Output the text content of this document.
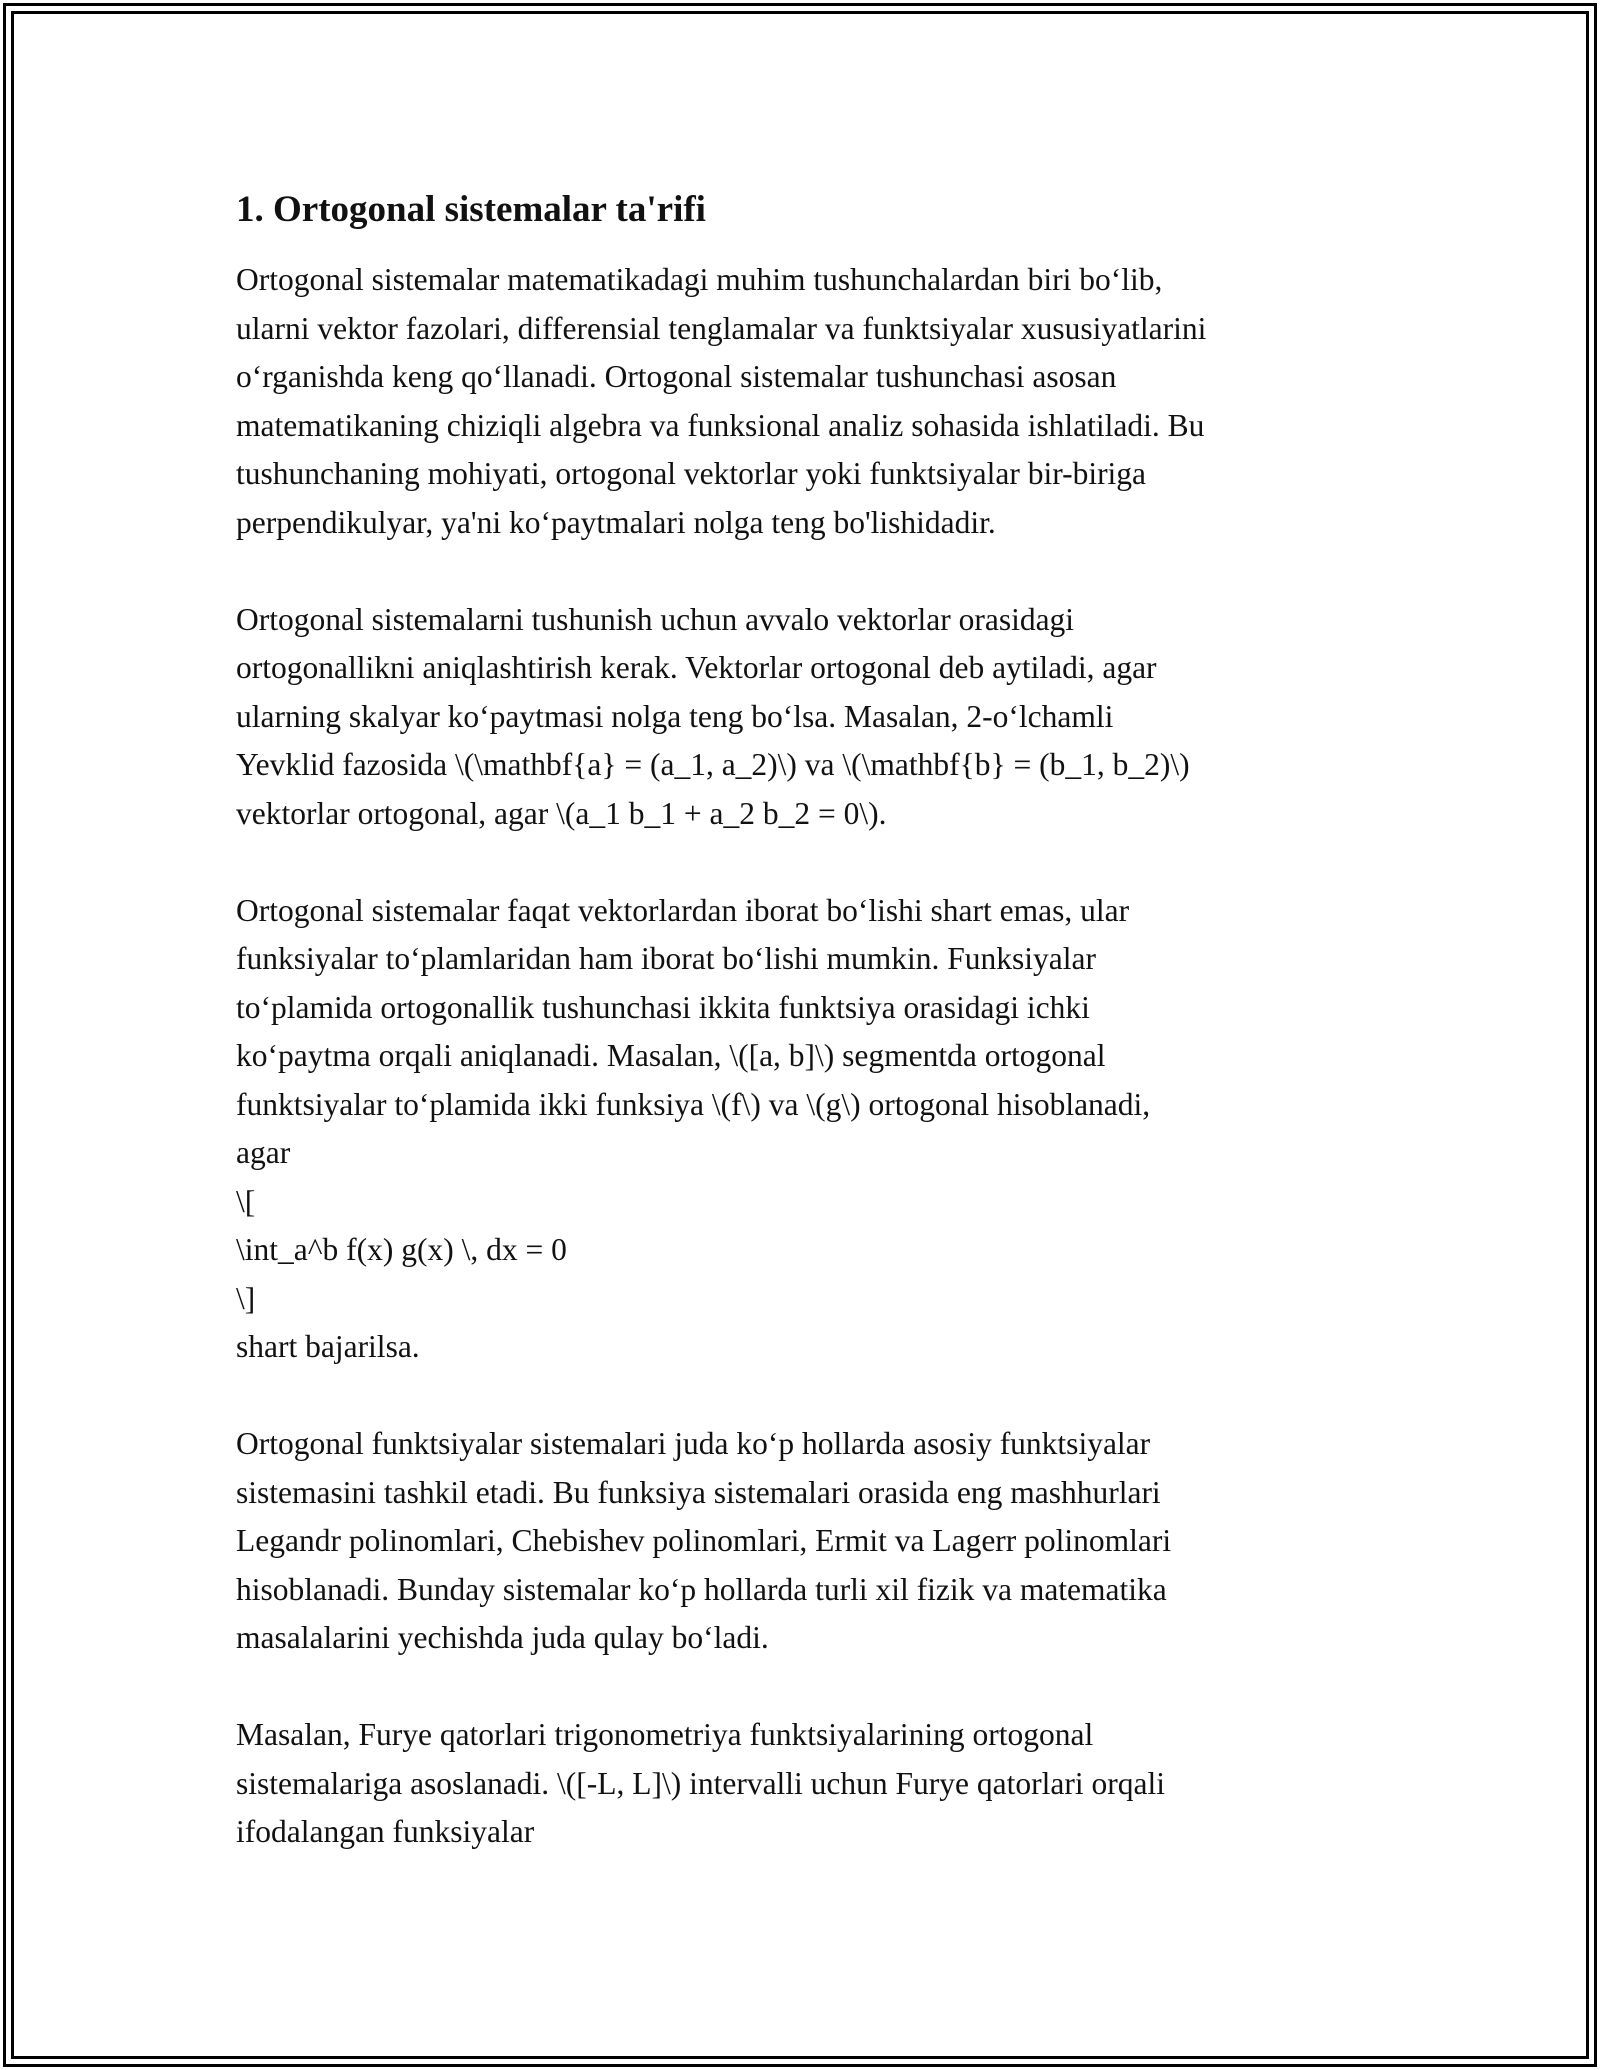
1. Ortogonal sistemalar ta'rifi
Ortogonal sistemalar matematikadagi muhim tushunchalardan biri bo‘lib,
ularni vektor fazolari, differensial tenglamalar va funktsiyalar xususiyatlarini
o‘rganishda keng qo‘llanadi. Ortogonal sistemalar tushunchasi asosan
matematikaning chiziqli algebra va funksional analiz sohasida ishlatiladi. Bu
tushunchaning mohiyati, ortogonal vektorlar yoki funktsiyalar bir-biriga
perpendikulyar, ya'ni ko‘paytmalari nolga teng bo'lishidadir.
Ortogonal sistemalarni tushunish uchun avvalo vektorlar orasidagi
ortogonallikni aniqlashtirish kerak. Vektorlar ortogonal deb aytiladi, agar
ularning skalyar ko‘paytmasi nolga teng bo‘lsa. Masalan, 2-o‘lchamli
Yevklid fazosida \(\mathbf{a} = (a_1, a_2)\) va \(\mathbf{b} = (b_1, b_2)\)
vektorlar ortogonal, agar \(a_1 b_1 + a_2 b_2 = 0\).
Ortogonal sistemalar faqat vektorlardan iborat bo‘lishi shart emas, ular
funksiyalar to‘plamlaridan ham iborat bo‘lishi mumkin. Funksiyalar
to‘plamida ortogonallik tushunchasi ikkita funktsiya orasidagi ichki
ko‘paytma orqali aniqlanadi. Masalan, \([a, b]\) segmentda ortogonal
funktsiyalar to‘plamida ikki funksiya \(f\) va \(g\) ortogonal hisoblanadi,
agar
\[
\int_a^b f(x) g(x) \, dx = 0
\]
shart bajarilsa.
Ortogonal funktsiyalar sistemalari juda ko‘p hollarda asosiy funktsiyalar
sistemasini tashkil etadi. Bu funksiya sistemalari orasida eng mashhurlari
Legandr polinomlari, Chebishev polinomlari, Ermit va Lagerr polinomlari
hisoblanadi. Bunday sistemalar ko‘p hollarda turli xil fizik va matematika
masalalarini yechishda juda qulay bo‘ladi.
Masalan, Furye qatorlari trigonometriya funktsiyalarining ortogonal
sistemalariga asoslanadi. \([-L, L]\) intervalli uchun Furye qatorlari orqali
ifodalangan funksiyalar
